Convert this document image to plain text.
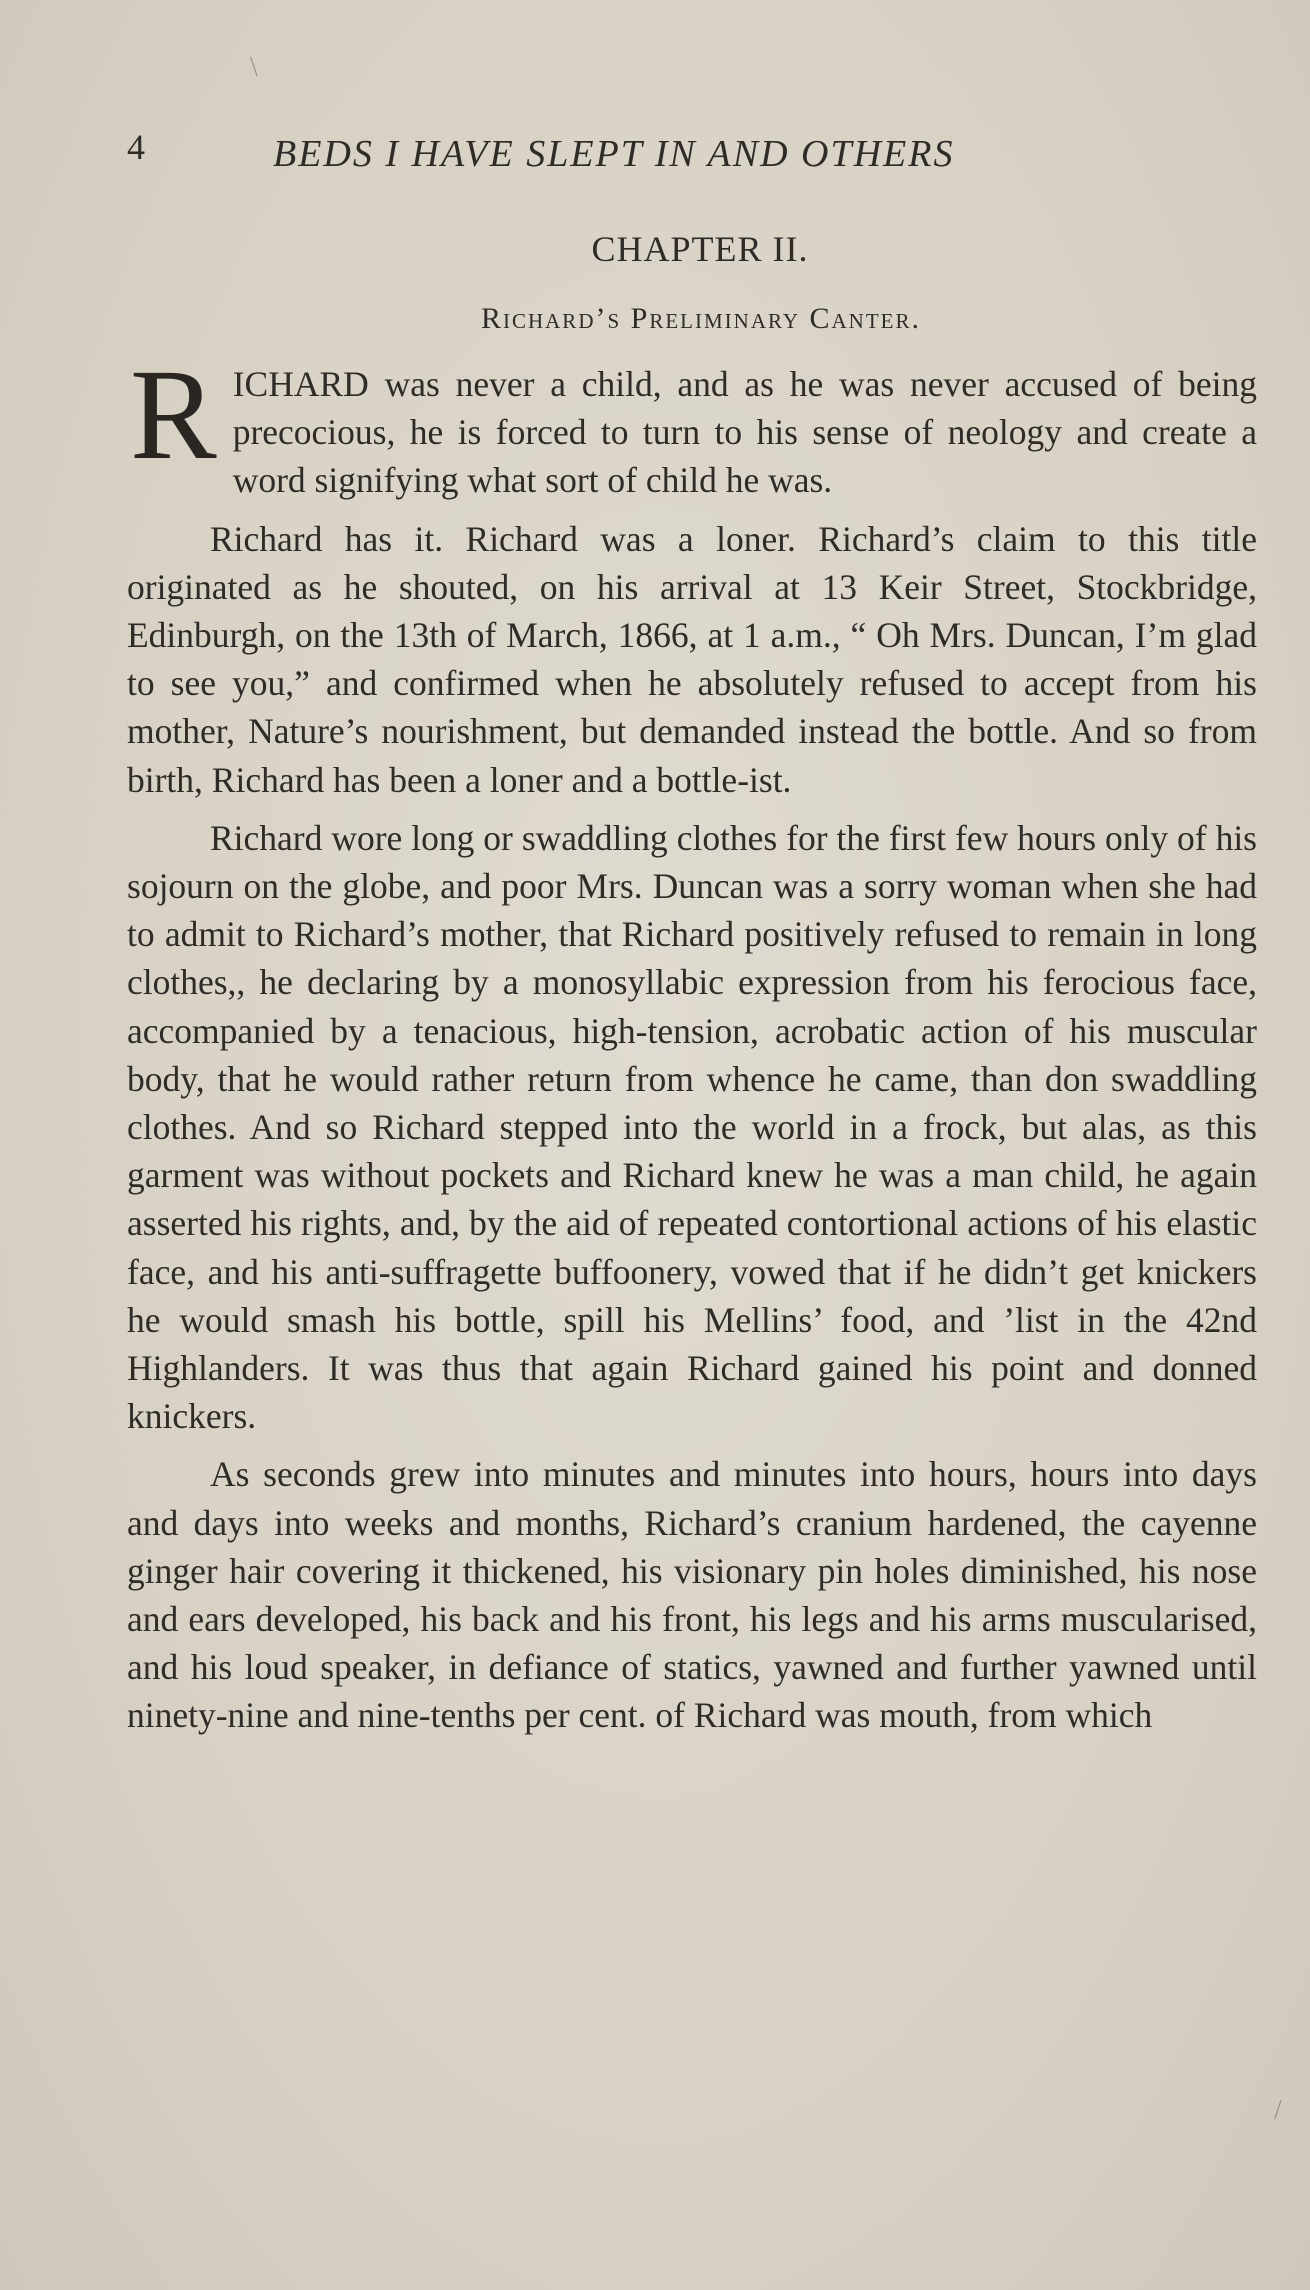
4	BEDS I HAVE SLEPT IN AND OTHERS
CHAPTER II.
Richard’s Preliminary Canter.

RICHARD was never a child, and as he was never accused of being precocious, he is forced to turn to his sense of neology and create a word signifying what sort of child he was.

Richard has it. Richard was a loner. Richard’s claim to this title originated as he shouted, on his arrival at 13 Keir Street, Stockbridge, Edinburgh, on the 13th of March, 1866, at 1 a.m., “ Oh Mrs. Duncan, I’m glad to see you,” and confirmed when he absolutely refused to accept from his mother, Nature’s nourishment, but demanded instead the bottle. And so from birth, Richard has been a loner and a bottle-ist.

Richard wore long or swaddling clothes for the first few hours only of his sojourn on the globe, and poor Mrs. Duncan was a sorry woman when she had to admit to Richard’s mother, that Richard positively refused to remain in long clothes,, he declaring by a monosyllabic expression from his ferocious face, accompanied by a tenacious, high-tension, acrobatic action of his muscular body, that he would rather return from whence he came, than don swaddling clothes. And so Richard stepped into the world in a frock, but alas, as this garment was without pockets and Richard knew he was a man child, he again asserted his rights, and, by the aid of repeated contortional actions of his elastic face, and his anti-suffragette buffoonery, vowed that if he didn’t get knickers he would smash his bottle, spill his Mellins’ food, and ’list in the 42nd Highlanders. It was thus that again Richard gained his point and donned knickers.

As seconds grew into minutes and minutes into hours, hours into days and days into weeks and months, Richard’s cranium hardened, the cayenne ginger hair covering it thickened, his visionary pin holes diminished, his nose and ears developed, his back and his front, his legs and his arms muscularised, and his loud speaker, in defiance of statics, yawned and further yawned until ninety-nine and nine-tenths per cent. of Richard was mouth, from which

\
/
